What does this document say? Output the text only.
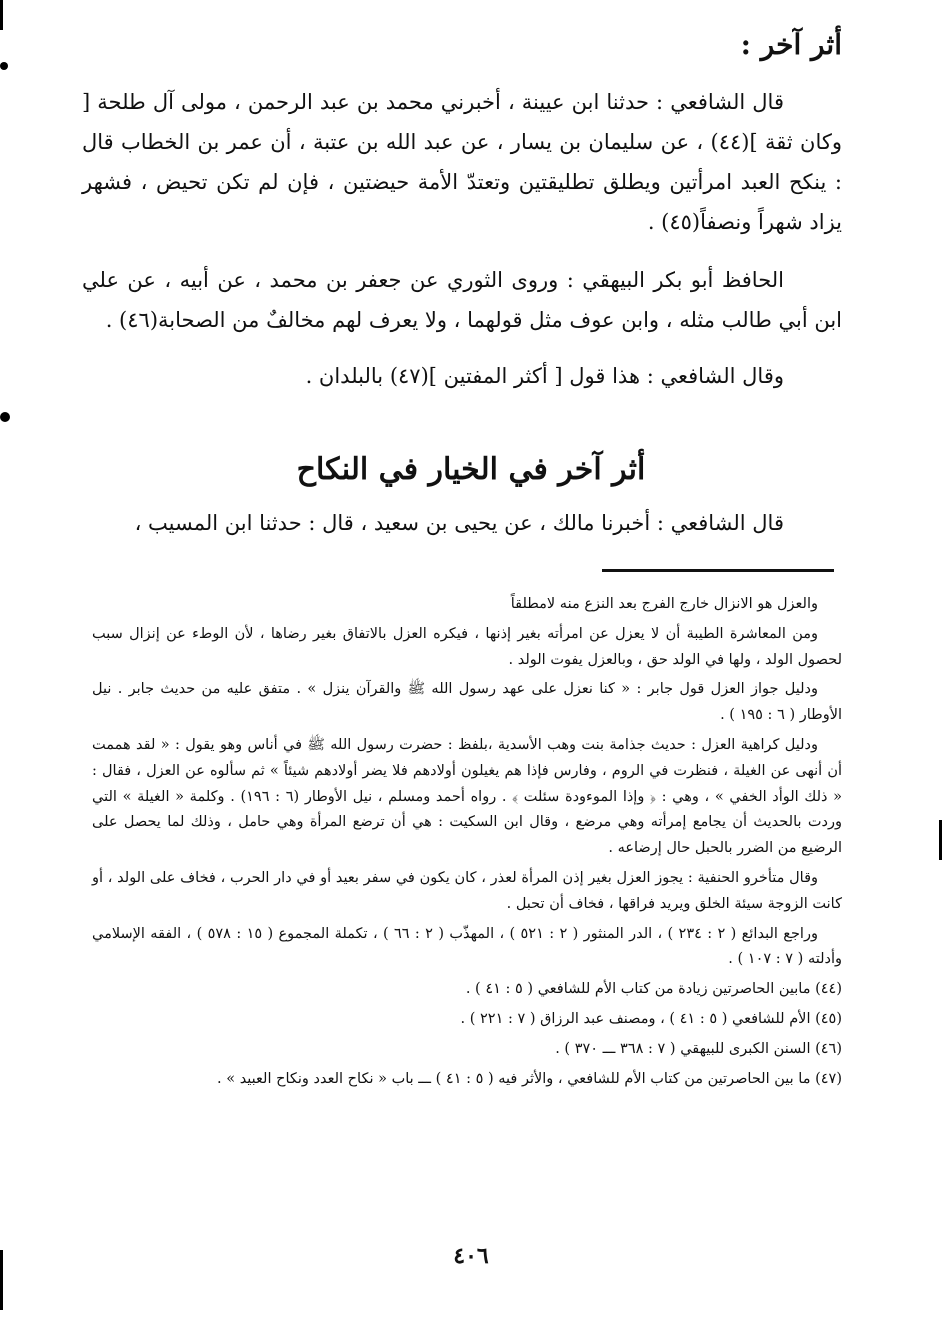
أثر آخر :

قال الشافعي : حدثنا ابن عيينة ، أخبرني محمد بن عبد الرحمن ، مولى آل طلحة [ وكان ثقة ](٤٤) ، عن سليمان بن يسار ، عن عبد الله بن عتبة ، أن عمر بن الخطاب قال : ينكح العبد امرأتين ويطلق تطليقتين وتعتدّ الأمة حيضتين ، فإن لم تكن تحيض ، فشهر يزاد شهراً ونصفاً(٤٥) .

الحافظ أبو بكر البيهقي : وروى الثوري عن جعفر بن محمد ، عن أبيه ، عن علي ابن أبي طالب مثله ، وابن عوف مثل قولهما ، ولا يعرف لهم مخالفٌ من الصحابة(٤٦) .

وقال الشافعي : هذا قول [ أكثر المفتين ](٤٧) بالبلدان .

أثر آخر في الخيار في النكاح

قال الشافعي : أخبرنا مالك ، عن يحيى بن سعيد ، قال : حدثنا ابن المسيب ،

والعزل هو الانزال خارج الفرج بعد النزع منه لامطلقاً

ومن المعاشرة الطيبة أن لا يعزل عن امرأته بغير إذنها ، فيكره العزل بالاتفاق بغير رضاها ، لأن الوطء عن إنزال سبب لحصول الولد ، ولها في الولد حق ، وبالعزل يفوت الولد .

ودليل جواز العزل قول جابر : « كنا نعزل على عهد رسول الله ﷺ والقرآن ينزل » . متفق عليه من حديث جابر . نيل الأوطار ( ٦ : ١٩٥ ) .

ودليل كراهية العزل : حديث جذامة بنت وهب الأسدية ،بلفظ : حضرت رسول الله ﷺ في أناس وهو يقول : « لقد هممت أن أنهى عن الغيلة ، فنظرت في الروم ، وفارس فإذا هم يغيلون أولادهم فلا يضر أولادهم شيئاً » ثم سألوه عن العزل ، فقال : « ذلك الوأد الخفي » ، وهي : ﴿ وإذا الموءودة سئلت ﴾ . رواه أحمد ومسلم ، نيل الأوطار (٦ : ١٩٦) . وكلمة « الغيلة » التي وردت بالحديث أن يجامع إمرأته وهي مرضع ، وقال ابن السكيت : هي أن ترضع المرأة وهي حامل ، وذلك لما يحصل على الرضيع من الضرر بالحبل حال إرضاعه .

وقال متأخرو الحنفية : يجوز العزل بغير إذن المرأة لعذر ، كان يكون في سفر بعيد أو في دار الحرب ، فخاف على الولد ، أو كانت الزوجة سيئة الخلق ويريد فراقها ، فخاف أن تحبل .

وراجع البدائع ( ٢ : ٢٣٤ ) ، الدر المنثور ( ٢ : ٥٢١ ) ، المهذّب ( ٢ : ٦٦ ) ، تكملة المجموع ( ١٥ : ٥٧٨ ) ، الفقه الإسلامي وأدلته ( ٧ : ١٠٧ ) .

(٤٤) مابين الحاصرتين زيادة من كتاب الأم للشافعي ( ٥ : ٤١ ) .

(٤٥) الأم للشافعي ( ٥ : ٤١ ) ، ومصنف عبد الرزاق ( ٧ : ٢٢١ ) .

(٤٦) السنن الكبرى للبيهقي ( ٧ : ٣٦٨ ـــ ٣٧٠ ) .

(٤٧) ما بين الحاصرتين من كتاب الأم للشافعي ، والأثر فيه ( ٥ : ٤١ ) ـــ باب « نكاح العدد ونكاح العبيد » .

٤٠٦
